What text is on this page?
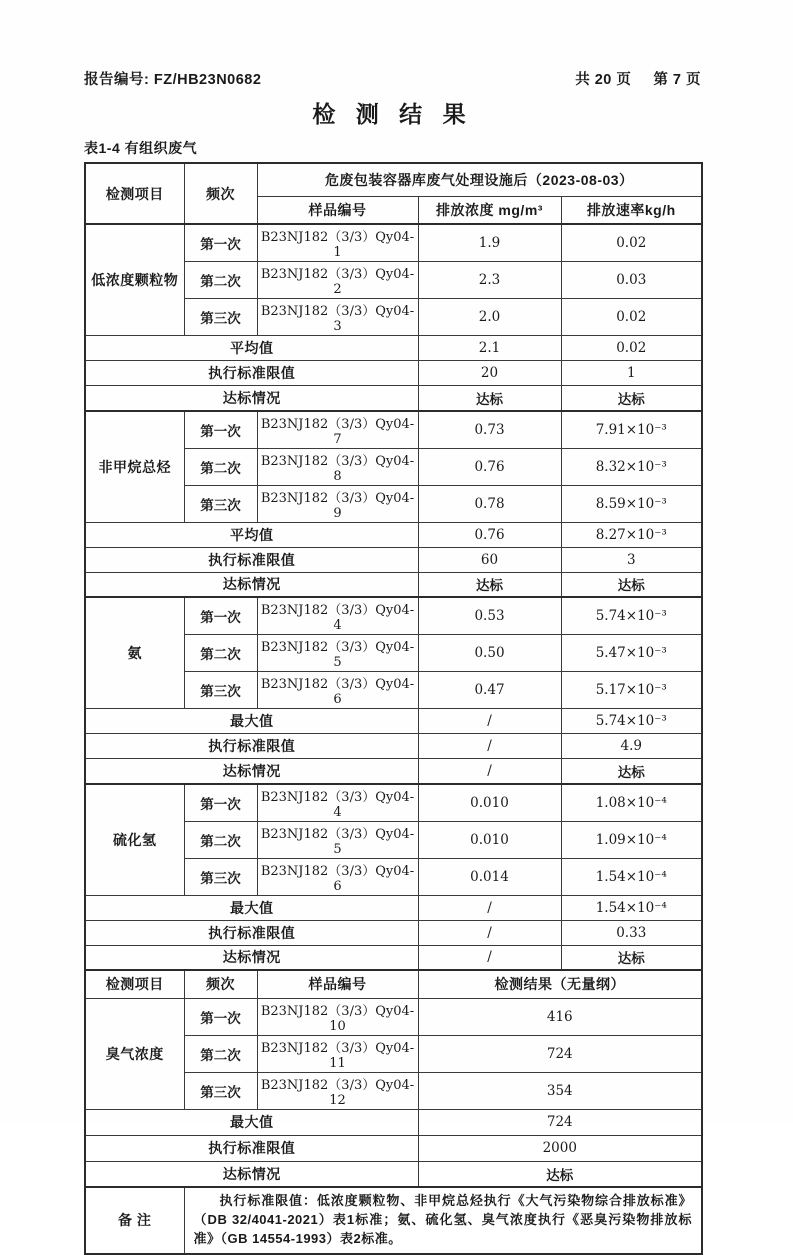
报告编号: FZ/HB23N0682	共 20 页 第 7 页
检 测 结 果
表1-4 有组织废气
检测项目	频次	危废包装容器库废气处理设施后（2023-08-03）		
		样品编号	排放浓度 mg/m³	排放速率kg/h
低浓度颗粒物	第一次	B23NJ182（3/3）Qy04-1	1.9	0.02
	第二次	B23NJ182（3/3）Qy04-2	2.3	0.03
	第三次	B23NJ182（3/3）Qy04-3	2.0	0.02
平均值			2.1	0.02
执行标准限值			20	1
达标情况			达标	达标
非甲烷总烃	第一次	B23NJ182（3/3）Qy04-7	0.73	7.91×10⁻³
	第二次	B23NJ182（3/3）Qy04-8	0.76	8.32×10⁻³
	第三次	B23NJ182（3/3）Qy04-9	0.78	8.59×10⁻³
平均值			0.76	8.27×10⁻³
执行标准限值			60	3
达标情况			达标	达标
氨	第一次	B23NJ182（3/3）Qy04-4	0.53	5.74×10⁻³
	第二次	B23NJ182（3/3）Qy04-5	0.50	5.47×10⁻³
	第三次	B23NJ182（3/3）Qy04-6	0.47	5.17×10⁻³
最大值			/	5.74×10⁻³
执行标准限值			/	4.9
达标情况			/	达标
硫化氢	第一次	B23NJ182（3/3）Qy04-4	0.010	1.08×10⁻⁴
	第二次	B23NJ182（3/3）Qy04-5	0.010	1.09×10⁻⁴
	第三次	B23NJ182（3/3）Qy04-6	0.014	1.54×10⁻⁴
最大值			/	1.54×10⁻⁴
执行标准限值			/	0.33
达标情况			/	达标
检测项目	频次	样品编号	检测结果（无量纲）	
臭气浓度	第一次	B23NJ182（3/3）Qy04-10	416	
	第二次	B23NJ182（3/3）Qy04-11	724	
	第三次	B23NJ182（3/3）Qy04-12	354	
最大值			724	
执行标准限值			2000	
达标情况			达标	
备 注	执行标准限值：低浓度颗粒物、非甲烷总烃执行《大气污染物综合排放标准》（DB 32/4041-2021）表1标准；氨、硫化氢、臭气浓度执行《恶臭污染物排放标准》（GB 14554-1993）表2标准。			
